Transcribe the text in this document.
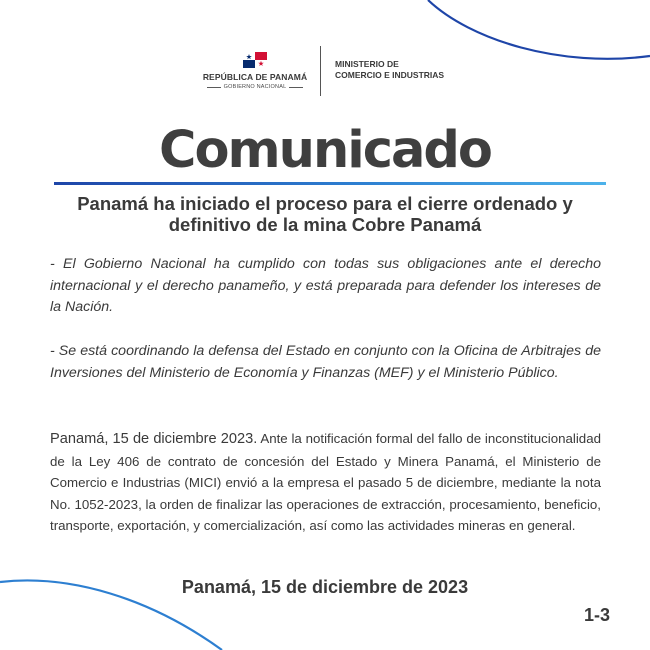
REPÚBLICA DE PANAMÁ
GOBIERNO NACIONAL
MINISTERIO DE
COMERCIO E INDUSTRIAS
Comunicado
Panamá ha iniciado el proceso para el cierre ordenado y definitivo de la mina Cobre Panamá
- El Gobierno Nacional ha cumplido con todas sus obligaciones ante el derecho internacional y el derecho panameño, y está preparada para defender los intereses de la Nación.
- Se está coordinando la defensa del Estado en conjunto con la Oficina de Arbitrajes de Inversiones del Ministerio de Economía y Finanzas (MEF) y el Ministerio Público.
Panamá, 15 de diciembre 2023. Ante la notificación formal del fallo de inconstitucionalidad de la Ley 406 de contrato de concesión del Estado y Minera Panamá, el Ministerio de Comercio e Industrias (MICI) envió a la empresa el pasado 5 de diciembre, mediante la nota No. 1052-2023, la orden de finalizar las operaciones de extracción, procesamiento, beneficio, transporte, exportación, y comercialización, así como las actividades mineras en general.
Panamá, 15 de diciembre de 2023
1-3
